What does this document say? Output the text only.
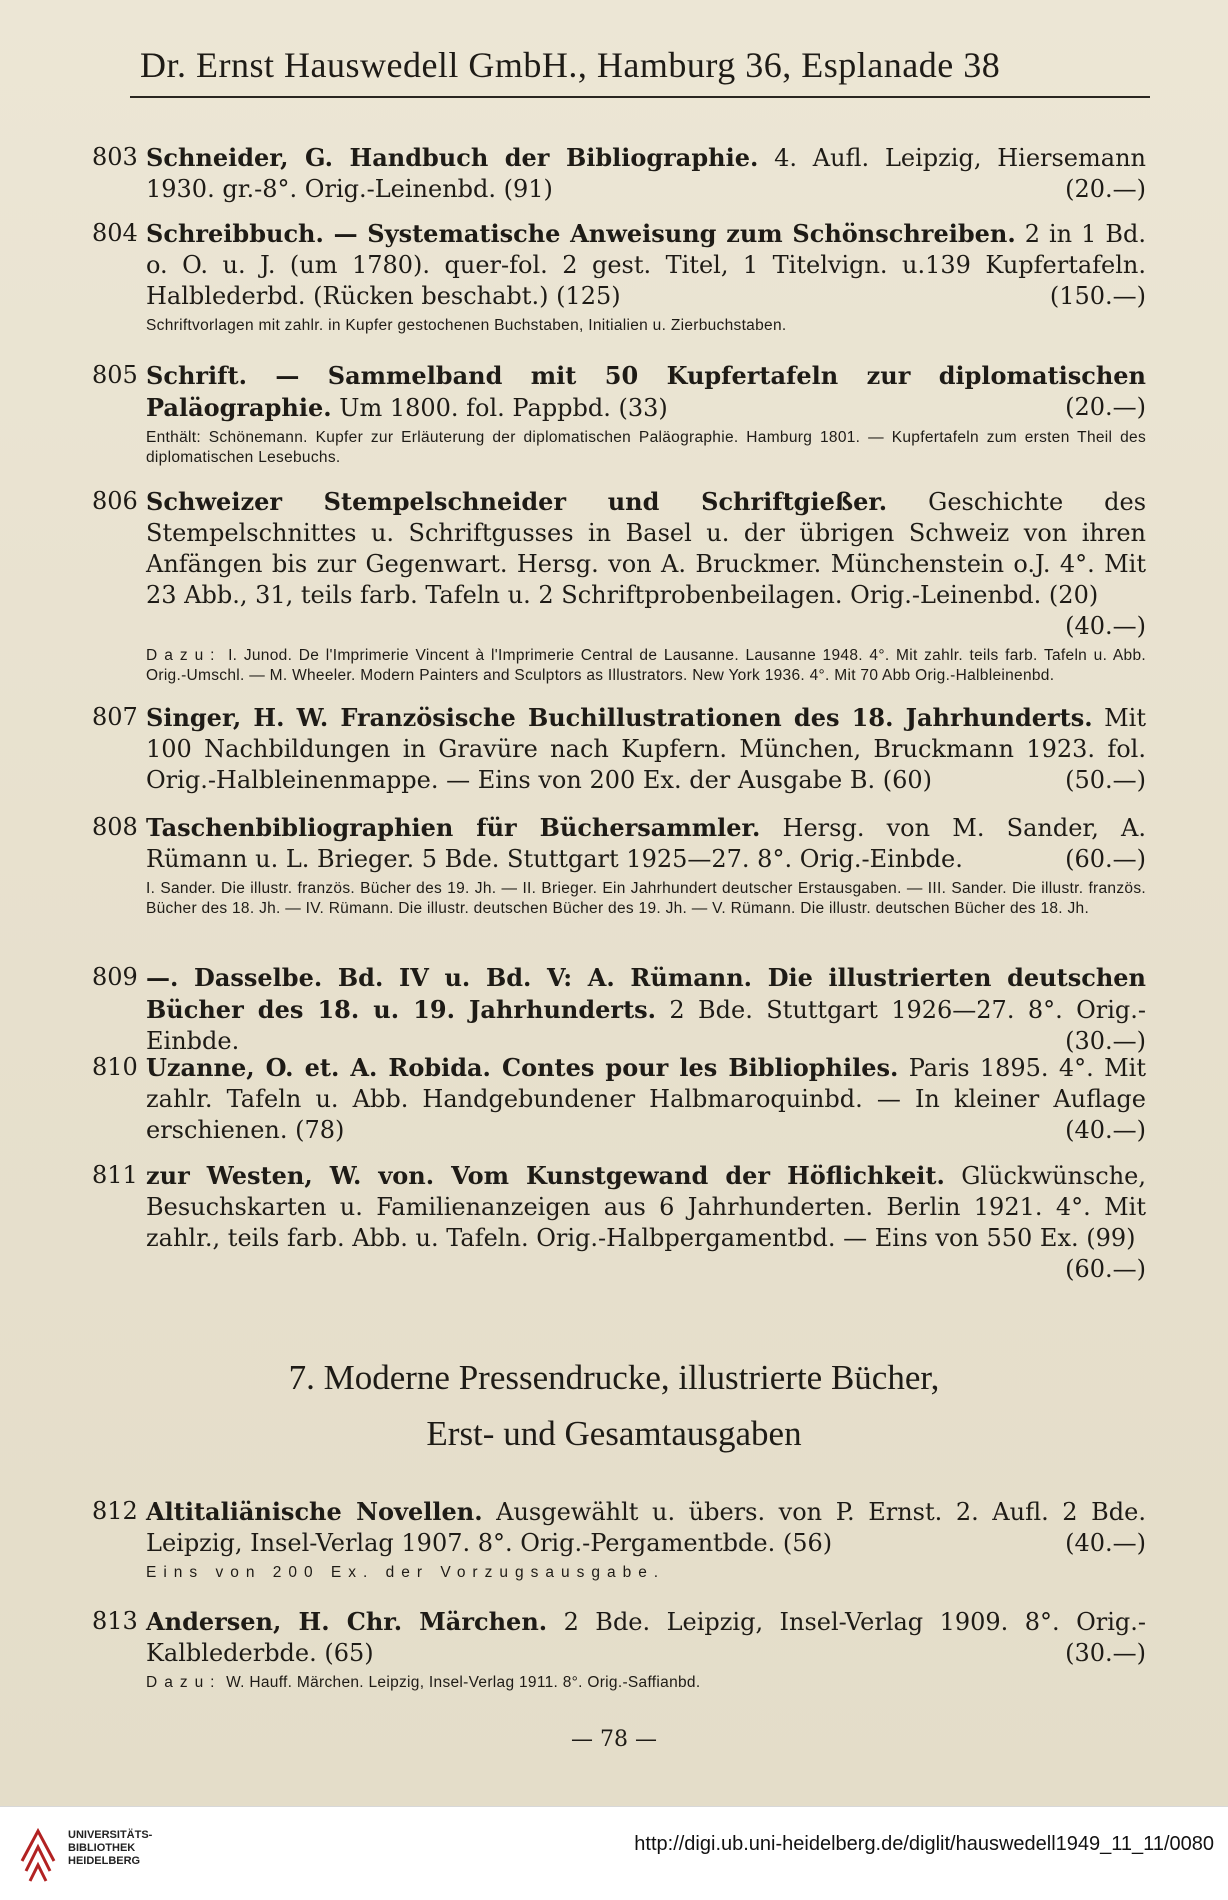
Dr. Ernst Hauswedell GmbH., Hamburg 36, Esplanade 38
803 Schneider, G. Handbuch der Bibliographie. 4. Aufl. Leipzig, Hiersemann 1930. gr.-8°. Orig.-Leinenbd. (91)	(20.—)
804 Schreibbuch. — Systematische Anweisung zum Schönschreiben. 2 in 1 Bd. o. O. u. J. (um 1780). quer-fol. 2 gest. Titel, 1 Titelvign. u.139 Kupfertafeln. Halblederbd. (Rücken beschabt.) (125)	(150.—)
Schriftvorlagen mit zahlr. in Kupfer gestochenen Buchstaben, Initialien u. Zierbuchstaben.
805 Schrift. — Sammelband mit 50 Kupfertafeln zur diplomatischen Paläographie. Um 1800. fol. Pappbd. (33)	(20.—)
Enthält: Schönemann. Kupfer zur Erläuterung der diplomatischen Paläographie. Hamburg 1801. — Kupfertafeln zum ersten Theil des diplomatischen Lesebuchs.
806 Schweizer Stempelschneider und Schriftgießer. Geschichte des Stempelschnittes u. Schriftgusses in Basel u. der übrigen Schweiz von ihren Anfängen bis zur Gegenwart. Hersg. von A. Bruckmer. Münchenstein o.J. 4°. Mit 23 Abb., 31, teils farb. Tafeln u. 2 Schriftprobenbeilagen. Orig.-Leinenbd. (20)
(40.—)
Dazu: I. Junod. De l'Imprimerie Vincent à l'Imprimerie Central de Lausanne. Lausanne 1948. 4°. Mit zahlr. teils farb. Tafeln u. Abb. Orig.-Umschl. — M. Wheeler. Modern Painters and Sculptors as Illustrators. New York 1936. 4°. Mit 70 Abb Orig.-Halbleinenbd.
807 Singer, H. W. Französische Buchillustrationen des 18. Jahrhunderts. Mit 100 Nachbildungen in Gravüre nach Kupfern. München, Bruckmann 1923. fol. Orig.-Halbleinenmappe. — Eins von 200 Ex. der Ausgabe B. (60)	(50.—)
808 Taschenbibliographien für Büchersammler. Hersg. von M. Sander, A. Rümann u. L. Brieger. 5 Bde. Stuttgart 1925—27. 8°. Orig.-Einbde.	(60.—)
I. Sander. Die illustr. französ. Bücher des 19. Jh. — II. Brieger. Ein Jahrhundert deutscher Erstausgaben. — III. Sander. Die illustr. französ. Bücher des 18. Jh. — IV. Rümann. Die illustr. deutschen Bücher des 19. Jh. — V. Rümann. Die illustr. deutschen Bücher des 18. Jh.
809 —. Dasselbe. Bd. IV u. Bd. V: A. Rümann. Die illustrierten deutschen Bücher des 18. u. 19. Jahrhunderts. 2 Bde. Stuttgart 1926—27. 8°. Orig.-Einbde.	(30.—)
810 Uzanne, O. et. A. Robida. Contes pour les Bibliophiles. Paris 1895. 4°. Mit zahlr. Tafeln u. Abb. Handgebundener Halbmaroquinbd. — In kleiner Auflage erschienen. (78)	(40.—)
811 zur Westen, W. von. Vom Kunstgewand der Höflichkeit. Glückwünsche, Besuchskarten u. Familienanzeigen aus 6 Jahrhunderten. Berlin 1921. 4°. Mit zahlr., teils farb. Abb. u. Tafeln. Orig.-Halbpergamentbd. — Eins von 550 Ex. (99)
(60.—)
7. Moderne Pressendrucke, illustrierte Bücher,
Erst- und Gesamtausgaben
812 Altitaliänische Novellen. Ausgewählt u. übers. von P. Ernst. 2. Aufl. 2 Bde. Leipzig, Insel-Verlag 1907. 8°. Orig.-Pergamentbde. (56)	(40.—)
Eins von 200 Ex. der Vorzugsausgabe.
813 Andersen, H. Chr. Märchen. 2 Bde. Leipzig, Insel-Verlag 1909. 8°. Orig.-Kalblederbde. (65)	(30.—)
Dazu: W. Hauff. Märchen. Leipzig, Insel-Verlag 1911. 8°. Orig.-Saffianbd.
— 78 —
UNIVERSITÄTS-
BIBLIOTHEK
HEIDELBERG
http://digi.ub.uni-heidelberg.de/diglit/hauswedell1949_11_11/0080
